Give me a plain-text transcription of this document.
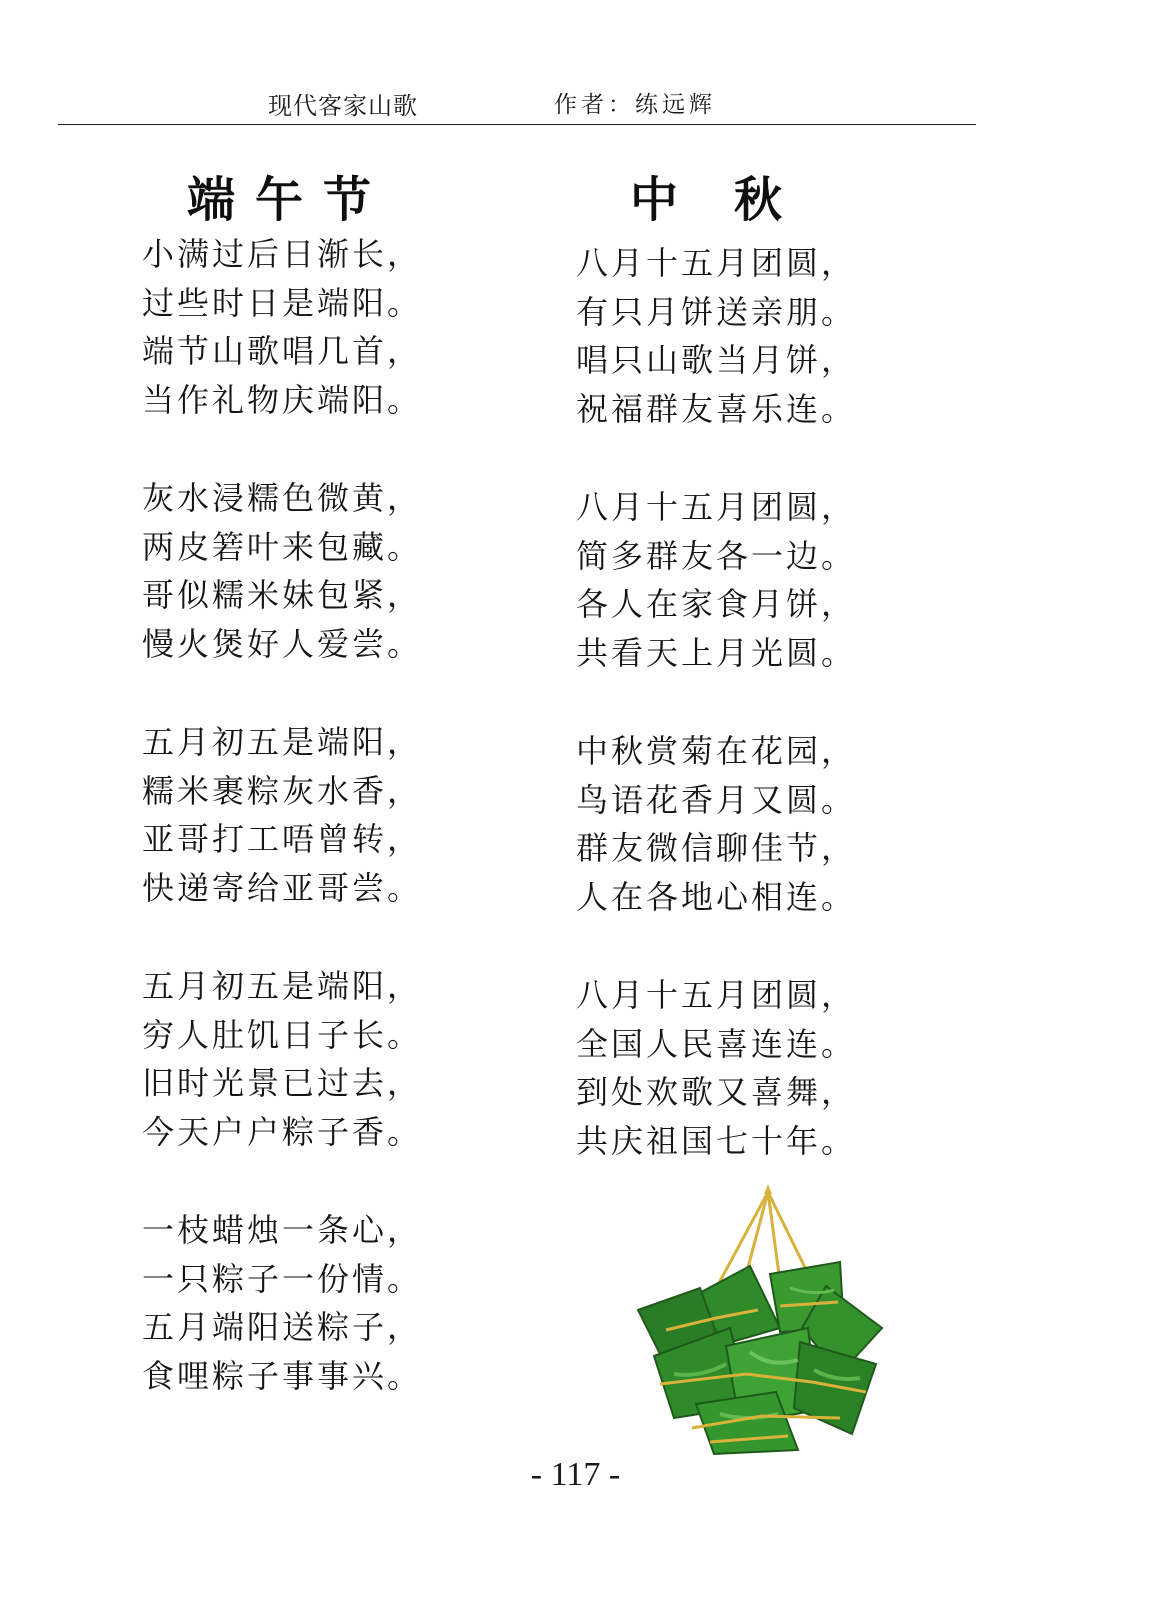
现代客家山歌	作者：练远辉
端午节
小满过后日渐长，
过些时日是端阳。
端节山歌唱几首，
当作礼物庆端阳。
灰水浸糯色微黄，
两皮箬叶来包藏。
哥似糯米妹包紧，
慢火煲好人爱尝。
五月初五是端阳，
糯米裹粽灰水香，
亚哥打工唔曾转，
快递寄给亚哥尝。
五月初五是端阳，
穷人肚饥日子长。
旧时光景已过去，
今天户户粽子香。
一枝蜡烛一条心，
一只粽子一份情。
五月端阳送粽子，
食哩粽子事事兴。
中　秋
八月十五月团圆，
有只月饼送亲朋。
唱只山歌当月饼，
祝福群友喜乐连。
八月十五月团圆，
简多群友各一边。
各人在家食月饼，
共看天上月光圆。
中秋赏菊在花园，
鸟语花香月又圆。
群友微信聊佳节，
人在各地心相连。
八月十五月团圆，
全国人民喜连连。
到处欢歌又喜舞，
共庆祖国七十年。
- 117 -
